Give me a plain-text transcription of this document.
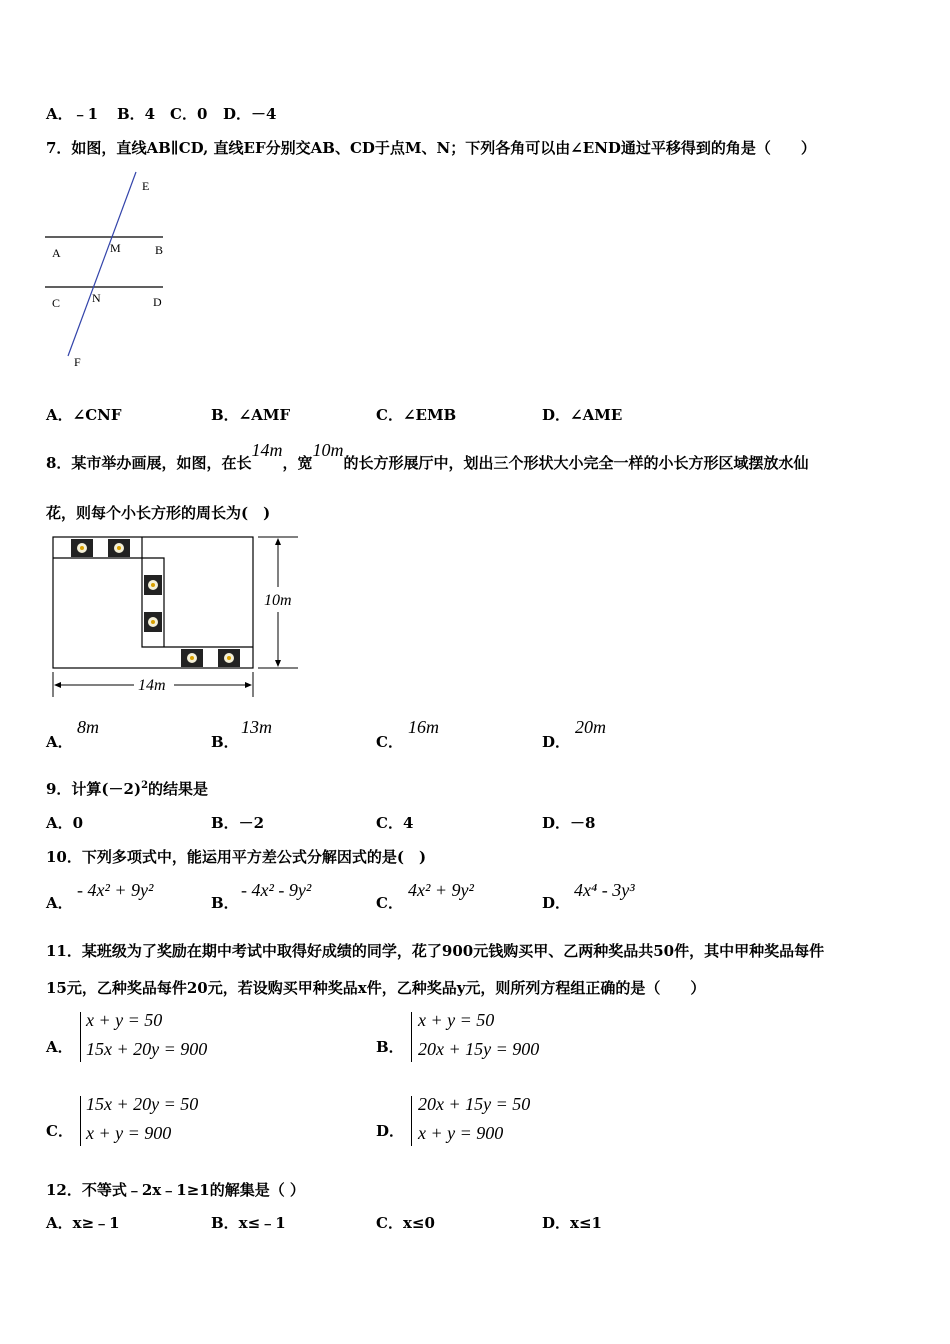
A．﹣1 B．4 C．0 D．－4
7．如图，直线AB∥CD, 直线EF分别交AB、CD于点M、N；下列各角可以由∠END通过平移得到的角是（　　）
E
M	B
A
C	N	D
F
A．∠CNF	B．∠AMF	C．∠EMB	D．∠AME
8．某市举办画展，如图，在长14m，宽10m的长方形展厅中，划出三个形状大小完全一样的小长方形区域摆放水仙
花，则每个小长方形的周长为(　)
10m
14m
A．
8m
B．
13m
C．
16m
D．
20m
9．计算$(-2)^2$的结果是
A．0	B．－2	C．4	D．－8
10．下列多项式中，能运用平方差公式分解因式的是(　)
A．
- 4x² + 9y²
B．
- 4x² - 9y²
C．
4x² + 9y²
D．
4x⁴ - 3y³
11．某班级为了奖励在期中考试中取得好成绩的同学，花了900元钱购买甲、乙两种奖品共50件，其中甲种奖品每件
15元，乙种奖品每件20元，若设购买甲种奖品x件，乙种奖品y元，则所列方程组正确的是（　　）
A．
x + y = 50
15x + 20y = 900	B．
x + y = 50
20x + 15y = 900
C．
15x + 20y = 50
x + y = 900	D．
20x + 15y = 50
x + y = 900
12．不等式﹣2x﹣1≥1的解集是（ ）
A．x≥﹣1	B．x≤﹣1	C．x≤0	D．x≤1
